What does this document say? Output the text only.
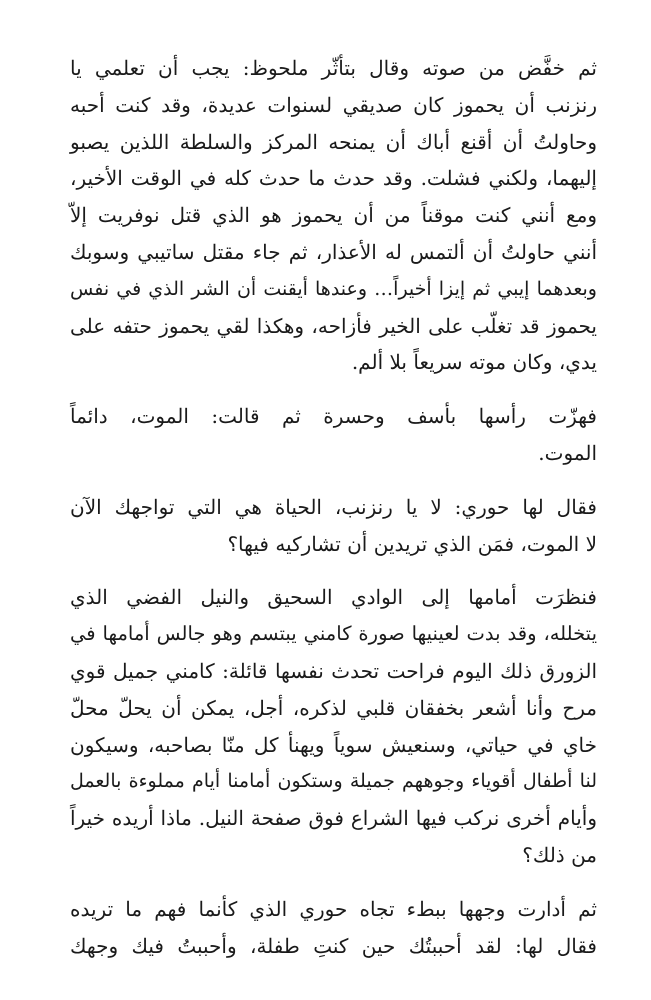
ثم خفَّض من صوته وقال بتأثّر ملحوظ: يجب أن تعلمي يا
رنزنب أن يحموز كان صديقي لسنوات عديدة، وقد كنت أحبه
وحاولتُ أن أقنع أباك أن يمنحه المركز والسلطة اللذين يصبو
إليهما، ولكني فشلت. وقد حدث ما حدث كله في الوقت الأخير،
ومع أنني كنت موقناً من أن يحموز هو الذي قتل نوفريت إلاّ
أنني حاولتُ أن ألتمس له الأعذار، ثم جاء مقتل ساتيبي وسوبك
وبعدهما إيبي ثم إيزا أخيراً… وعندها أيقنت أن الشر الذي في نفس
يحموز قد تغلّب على الخير فأزاحه، وهكذا لقي يحموز حتفه على
يدي، وكان موته سريعاً بلا ألم.

فهزّت رأسها بأسف وحسرة ثم قالت: الموت، دائماً
الموت.

فقال لها حوري: لا يا رنزنب، الحياة هي التي تواجهك الآن
لا الموت، فمَن الذي تريدين أن تشاركيه فيها؟

فنظرَت أمامها إلى الوادي السحيق والنيل الفضي الذي
يتخلله، وقد بدت لعينيها صورة كامني يبتسم وهو جالس أمامها في
الزورق ذلك اليوم فراحت تحدث نفسها قائلة: كامني جميل قوي
مرح وأنا أشعر بخفقان قلبي لذكره، أجل، يمكن أن يحلّ محلّ
خاي في حياتي، وسنعيش سوياً ويهنأ كل منّا بصاحبه، وسيكون
لنا أطفال أقوياء وجوههم جميلة وستكون أمامنا أيام مملوءة بالعمل
وأيام أخرى نركب فيها الشراع فوق صفحة النيل. ماذا أريده خيراً
من ذلك؟

ثم أدارت وجهها ببطء تجاه حوري الذي كأنما فهم ما تريده
فقال لها: لقد أحببتُك حين كنتِ طفلة، وأحببتُ فيك وجهك
